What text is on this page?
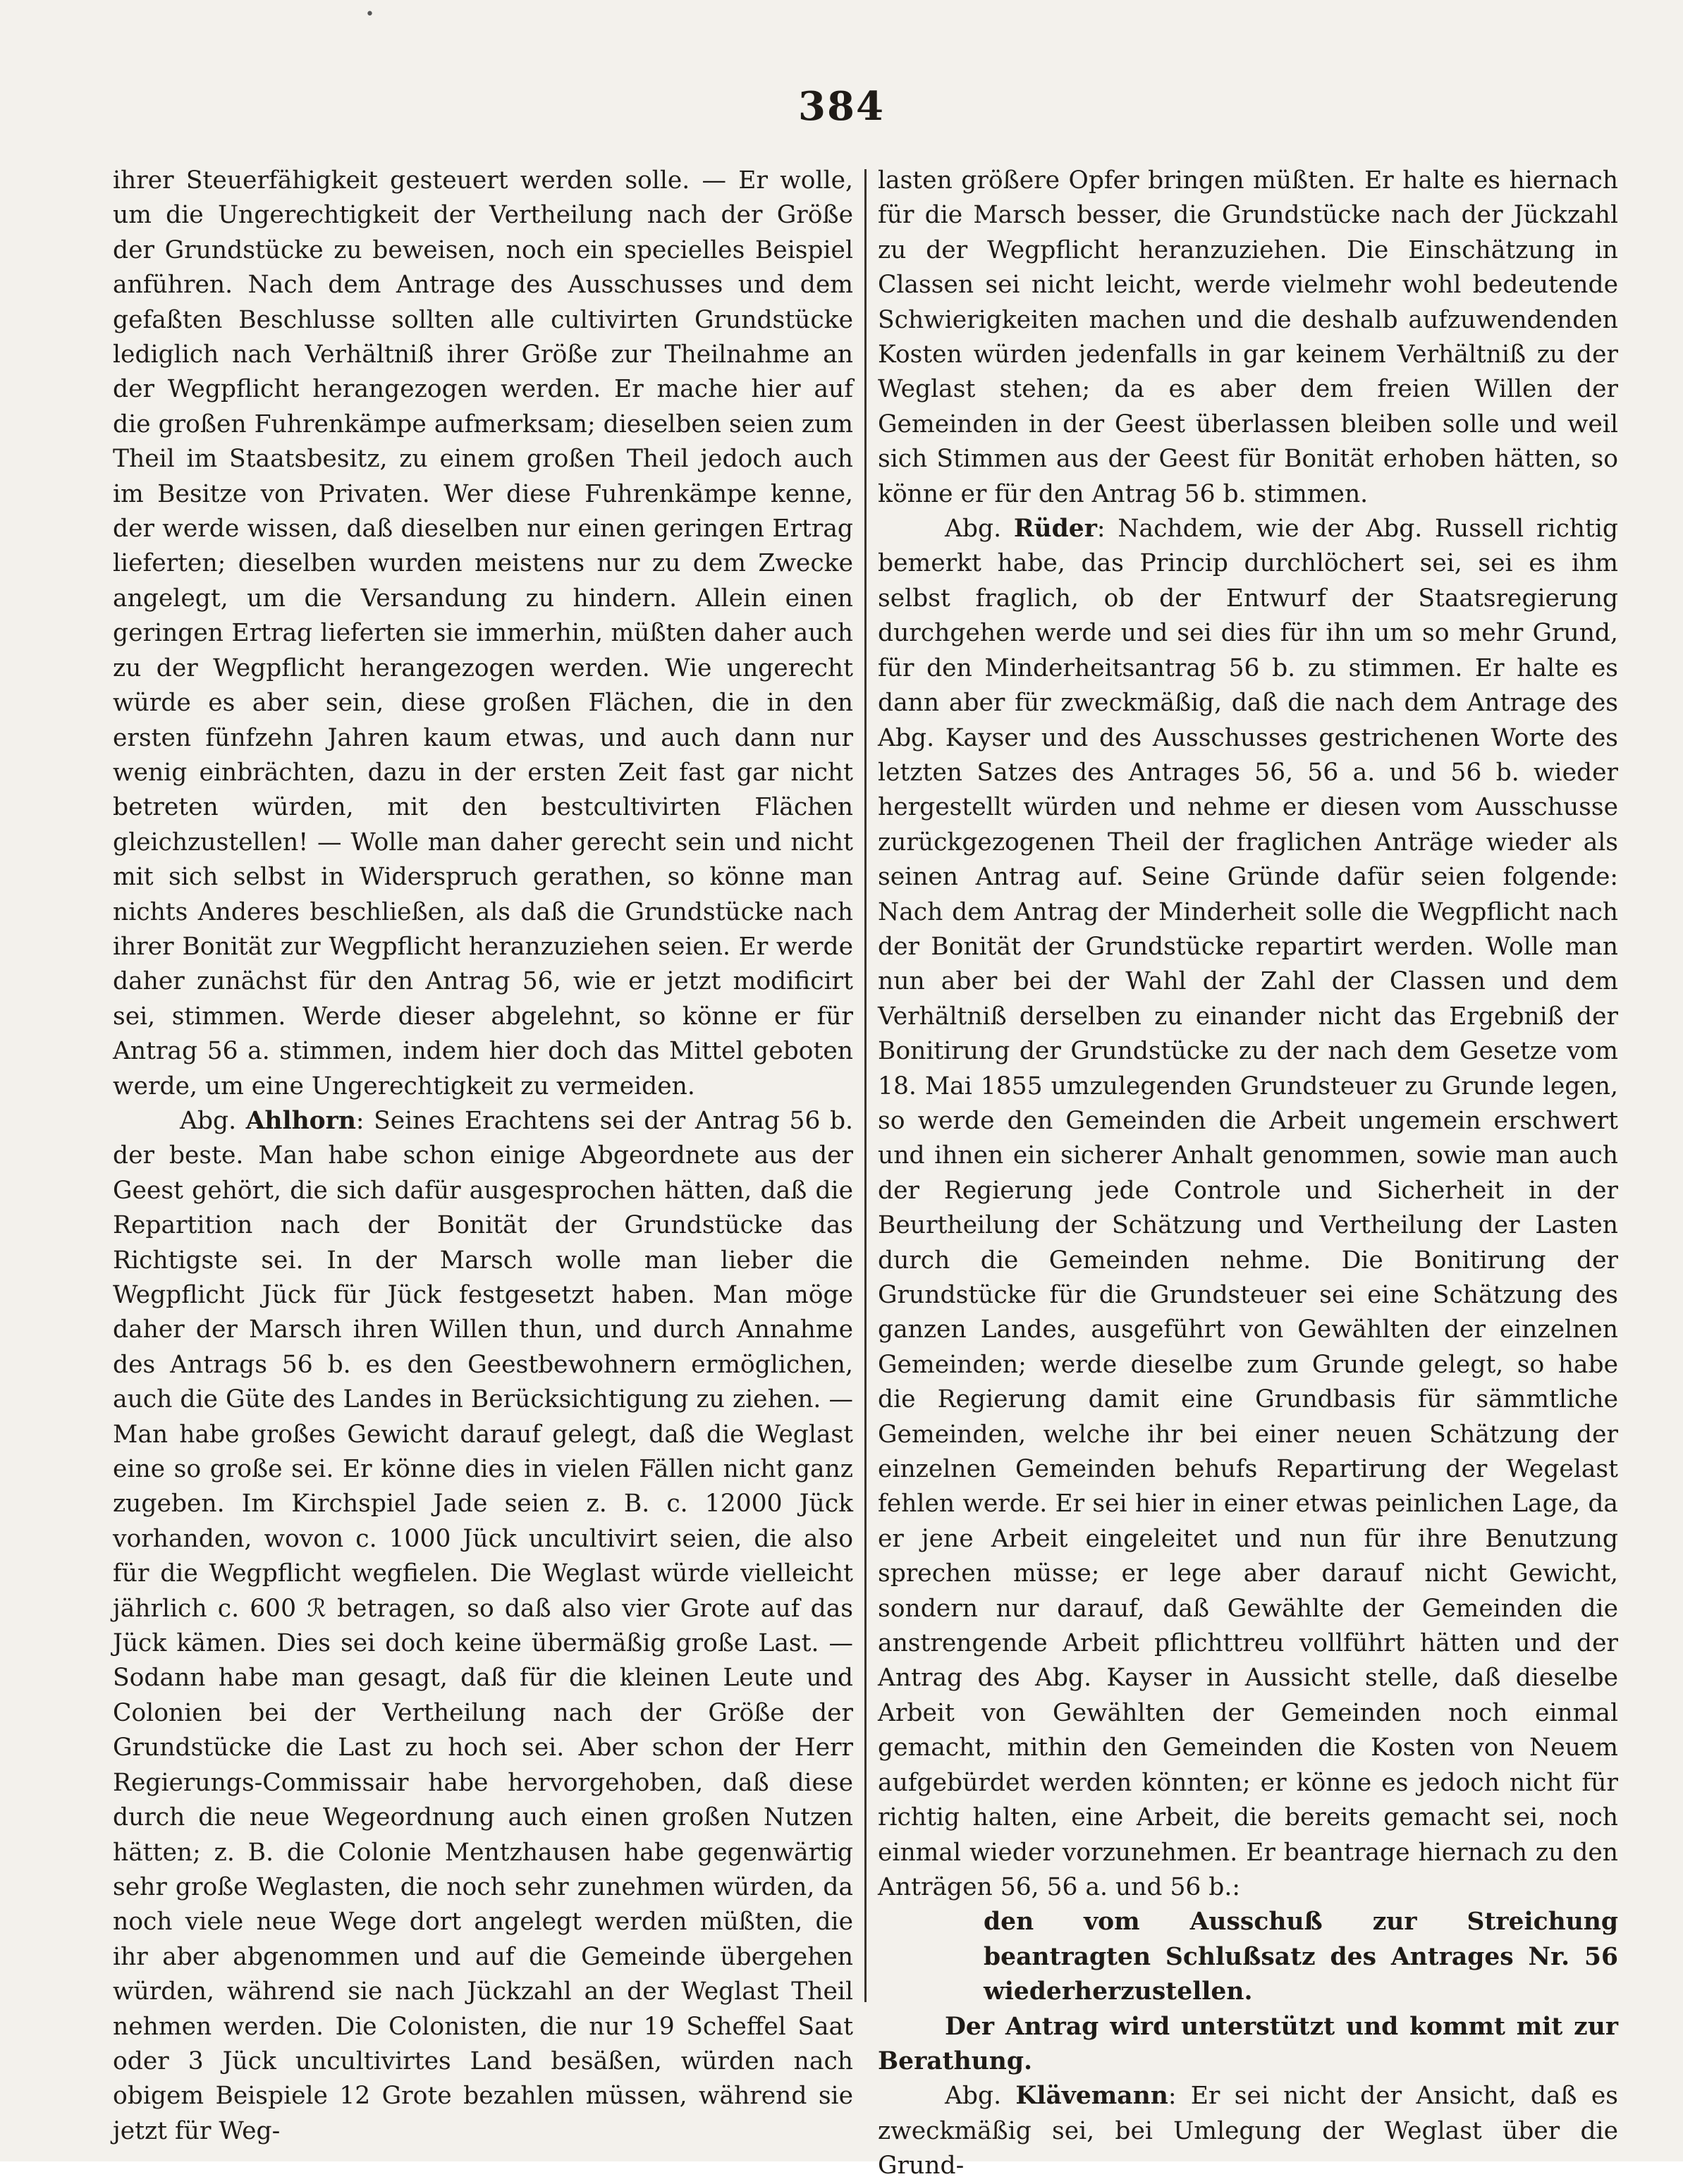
•
384

ihrer Steuerfähigkeit gesteuert werden solle. — Er wolle, um die Ungerechtigkeit der Vertheilung nach der Größe der Grundstücke zu beweisen, noch ein specielles Beispiel anführen. Nach dem Antrage des Ausschusses und dem gefaßten Beschlusse sollten alle cultivirten Grundstücke lediglich nach Verhältniß ihrer Größe zur Theilnahme an der Wegpflicht herangezogen werden. Er mache hier auf die großen Fuhrenkämpe aufmerksam; dieselben seien zum Theil im Staatsbesitz, zu einem großen Theil jedoch auch im Besitze von Privaten. Wer diese Fuhrenkämpe kenne, der werde wissen, daß dieselben nur einen geringen Ertrag lieferten; dieselben wurden meistens nur zu dem Zwecke angelegt, um die Versandung zu hindern. Allein einen geringen Ertrag lieferten sie immerhin, müßten daher auch zu der Wegpflicht herangezogen werden. Wie ungerecht würde es aber sein, diese großen Flächen, die in den ersten fünfzehn Jahren kaum etwas, und auch dann nur wenig einbrächten, dazu in der ersten Zeit fast gar nicht betreten würden, mit den bestcultivirten Flächen gleichzustellen! — Wolle man daher gerecht sein und nicht mit sich selbst in Widerspruch gerathen, so könne man nichts Anderes beschließen, als daß die Grundstücke nach ihrer Bonität zur Wegpflicht heranzuziehen seien. Er werde daher zunächst für den Antrag 56, wie er jetzt modificirt sei, stimmen. Werde dieser abgelehnt, so könne er für Antrag 56 a. stimmen, indem hier doch das Mittel geboten werde, um eine Ungerechtigkeit zu vermeiden.

Abg. Ahlhorn: Seines Erachtens sei der Antrag 56 b. der beste. Man habe schon einige Abgeordnete aus der Geest gehört, die sich dafür ausgesprochen hätten, daß die Repartition nach der Bonität der Grundstücke das Richtigste sei. In der Marsch wolle man lieber die Wegpflicht Jück für Jück festgesetzt haben. Man möge daher der Marsch ihren Willen thun, und durch Annahme des Antrags 56 b. es den Geestbewohnern ermöglichen, auch die Güte des Landes in Berücksichtigung zu ziehen. — Man habe großes Gewicht darauf gelegt, daß die Weglast eine so große sei. Er könne dies in vielen Fällen nicht ganz zugeben. Im Kirchspiel Jade seien z. B. c. 12000 Jück vorhanden, wovon c. 1000 Jück uncultivirt seien, die also für die Wegpflicht wegfielen. Die Weglast würde vielleicht jährlich c. 600 ℛ betragen, so daß also vier Grote auf das Jück kämen. Dies sei doch keine übermäßig große Last. — Sodann habe man gesagt, daß für die kleinen Leute und Colonien bei der Vertheilung nach der Größe der Grundstücke die Last zu hoch sei. Aber schon der Herr Regierungs-Commissair habe hervorgehoben, daß diese durch die neue Wegeordnung auch einen großen Nutzen hätten; z. B. die Colonie Mentzhausen habe gegenwärtig sehr große Weglasten, die noch sehr zunehmen würden, da noch viele neue Wege dort angelegt werden müßten, die ihr aber abgenommen und auf die Gemeinde übergehen würden, während sie nach Jückzahl an der Weglast Theil nehmen werden. Die Colonisten, die nur 19 Scheffel Saat oder 3 Jück uncultivirtes Land besäßen, würden nach obigem Beispiele 12 Grote bezahlen müssen, während sie jetzt für Weg-

lasten größere Opfer bringen müßten. Er halte es hiernach für die Marsch besser, die Grundstücke nach der Jückzahl zu der Wegpflicht heranzuziehen. Die Einschätzung in Classen sei nicht leicht, werde vielmehr wohl bedeutende Schwierigkeiten machen und die deshalb aufzuwendenden Kosten würden jedenfalls in gar keinem Verhältniß zu der Weglast stehen; da es aber dem freien Willen der Gemeinden in der Geest überlassen bleiben solle und weil sich Stimmen aus der Geest für Bonität erhoben hätten, so könne er für den Antrag 56 b. stimmen.

Abg. Rüder: Nachdem, wie der Abg. Russell richtig bemerkt habe, das Princip durchlöchert sei, sei es ihm selbst fraglich, ob der Entwurf der Staatsregierung durchgehen werde und sei dies für ihn um so mehr Grund, für den Minderheitsantrag 56 b. zu stimmen. Er halte es dann aber für zweckmäßig, daß die nach dem Antrage des Abg. Kayser und des Ausschusses gestrichenen Worte des letzten Satzes des Antrages 56, 56 a. und 56 b. wieder hergestellt würden und nehme er diesen vom Ausschusse zurückgezogenen Theil der fraglichen Anträge wieder als seinen Antrag auf. Seine Gründe dafür seien folgende: Nach dem Antrag der Minderheit solle die Wegpflicht nach der Bonität der Grundstücke repartirt werden. Wolle man nun aber bei der Wahl der Zahl der Classen und dem Verhältniß derselben zu einander nicht das Ergebniß der Bonitirung der Grundstücke zu der nach dem Gesetze vom 18. Mai 1855 umzulegenden Grundsteuer zu Grunde legen, so werde den Gemeinden die Arbeit ungemein erschwert und ihnen ein sicherer Anhalt genommen, sowie man auch der Regierung jede Controle und Sicherheit in der Beurtheilung der Schätzung und Vertheilung der Lasten durch die Gemeinden nehme. Die Bonitirung der Grundstücke für die Grundsteuer sei eine Schätzung des ganzen Landes, ausgeführt von Gewählten der einzelnen Gemeinden; werde dieselbe zum Grunde gelegt, so habe die Regierung damit eine Grundbasis für sämmtliche Gemeinden, welche ihr bei einer neuen Schätzung der einzelnen Gemeinden behufs Repartirung der Wegelast fehlen werde. Er sei hier in einer etwas peinlichen Lage, da er jene Arbeit eingeleitet und nun für ihre Benutzung sprechen müsse; er lege aber darauf nicht Gewicht, sondern nur darauf, daß Gewählte der Gemeinden die anstrengende Arbeit pflichttreu vollführt hätten und der Antrag des Abg. Kayser in Aussicht stelle, daß dieselbe Arbeit von Gewählten der Gemeinden noch einmal gemacht, mithin den Gemeinden die Kosten von Neuem aufgebürdet werden könnten; er könne es jedoch nicht für richtig halten, eine Arbeit, die bereits gemacht sei, noch einmal wieder vorzunehmen. Er beantrage hiernach zu den Anträgen 56, 56 a. und 56 b.:

den vom Ausschuß zur Streichung beantragten Schlußsatz des Antrages Nr. 56 wiederherzustellen.

Der Antrag wird unterstützt und kommt mit zur Berathung.

Abg. Klävemann: Er sei nicht der Ansicht, daß es zweckmäßig sei, bei Umlegung der Weglast über die Grund-
